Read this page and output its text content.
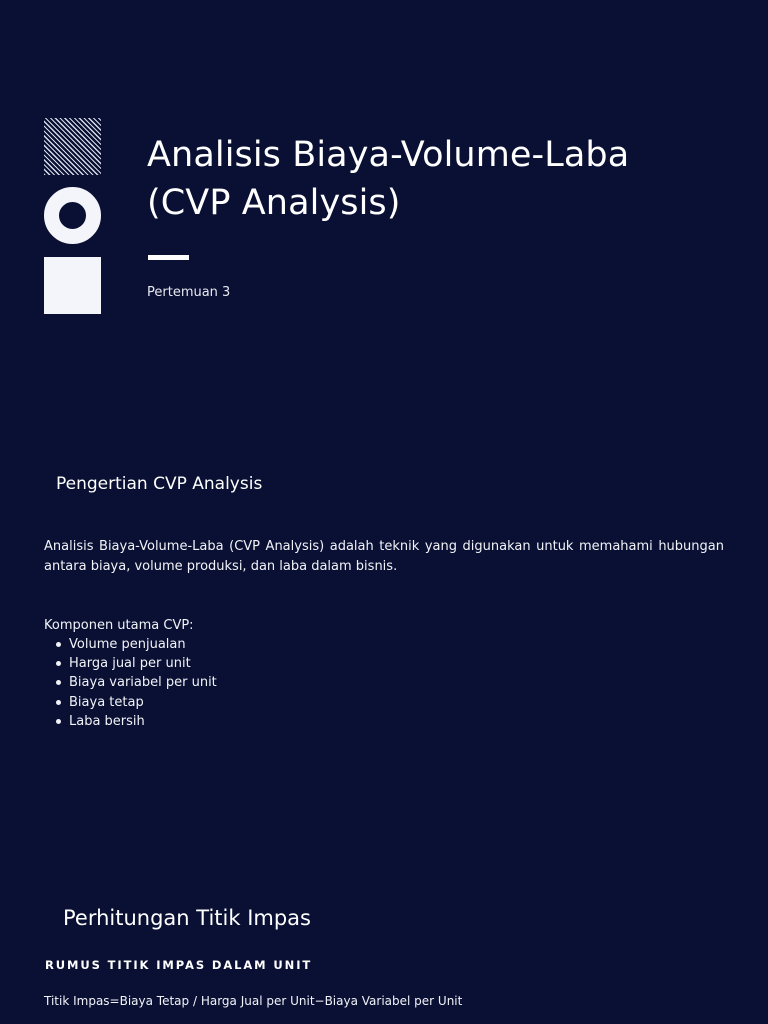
Analisis Biaya-Volume-Laba
(CVP Analysis)
Pertemuan 3
Pengertian CVP Analysis

Analisis Biaya-Volume-Laba (CVP Analysis) adalah teknik yang digunakan untuk memahami hubungan antara biaya, volume produksi, dan laba dalam bisnis.

Komponen utama CVP:
Volume penjualan
Harga jual per unit
Biaya variabel per unit
Biaya tetap
Laba bersih
Perhitungan Titik Impas
RUMUS TITIK IMPAS DALAM UNIT
Titik Impas=Biaya Tetap / Harga Jual per Unit−Biaya Variabel per Unit
